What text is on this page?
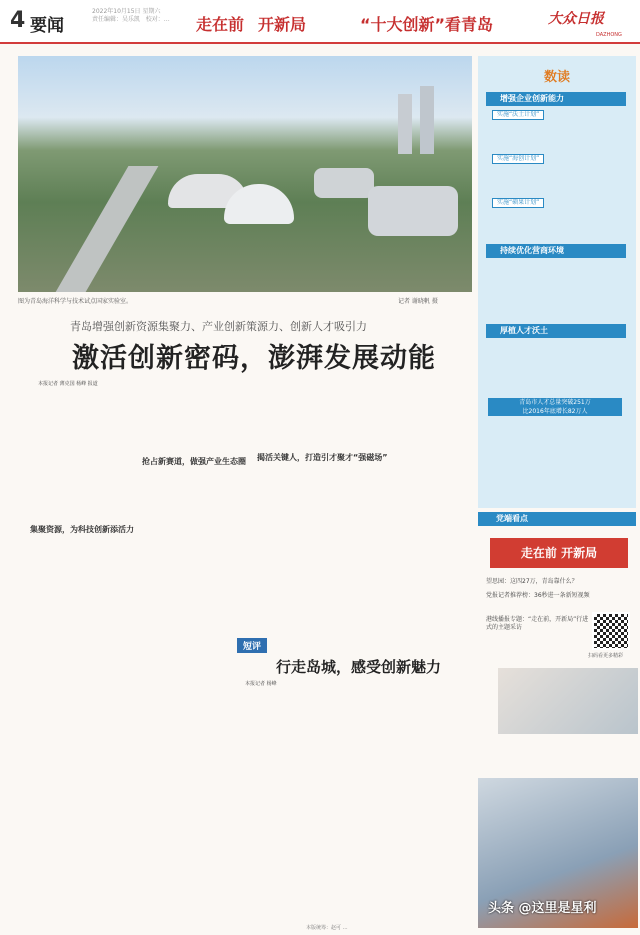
4 要闻
2022年10月15日 星期六
责任编辑：吴乐凯   校对：… 走在前 开新局	“十大创新”看青岛	大众日报
DAZHONG
图为青岛海洋科学与技术试点国家实验室。	记者 谢晓帆 摄
青岛增强创新资源集聚力、产业创新策源力、创新人才吸引力
激活创新密码，澎湃发展动能
本报记者 薄克国 杨峰 报道
集聚资源，为科技创新添活力
抢占新赛道，做强产业生态圈 揭活关键人，打造引才聚才“强磁场”
短评
行走岛城，感受创新魅力
本报记者 杨峰
数读
增强企业创新能力
实施“沃土计划”
实施“海创计划”
实施“硕果计划”
持续优化营商环境
厚植人才沃土
青岛市人才总量突破251万
比2016年底增长82万人
党端看点
走在前 开新局
望思园：这四27万，青岛靠什么？
党报记者推荐榜：36秒进一条新短视频
港线播报专题：“走在前，开新局”行进式的主题采访
扫码看更多精彩
头条 @这里是星利
本版统筹：赵可 …
